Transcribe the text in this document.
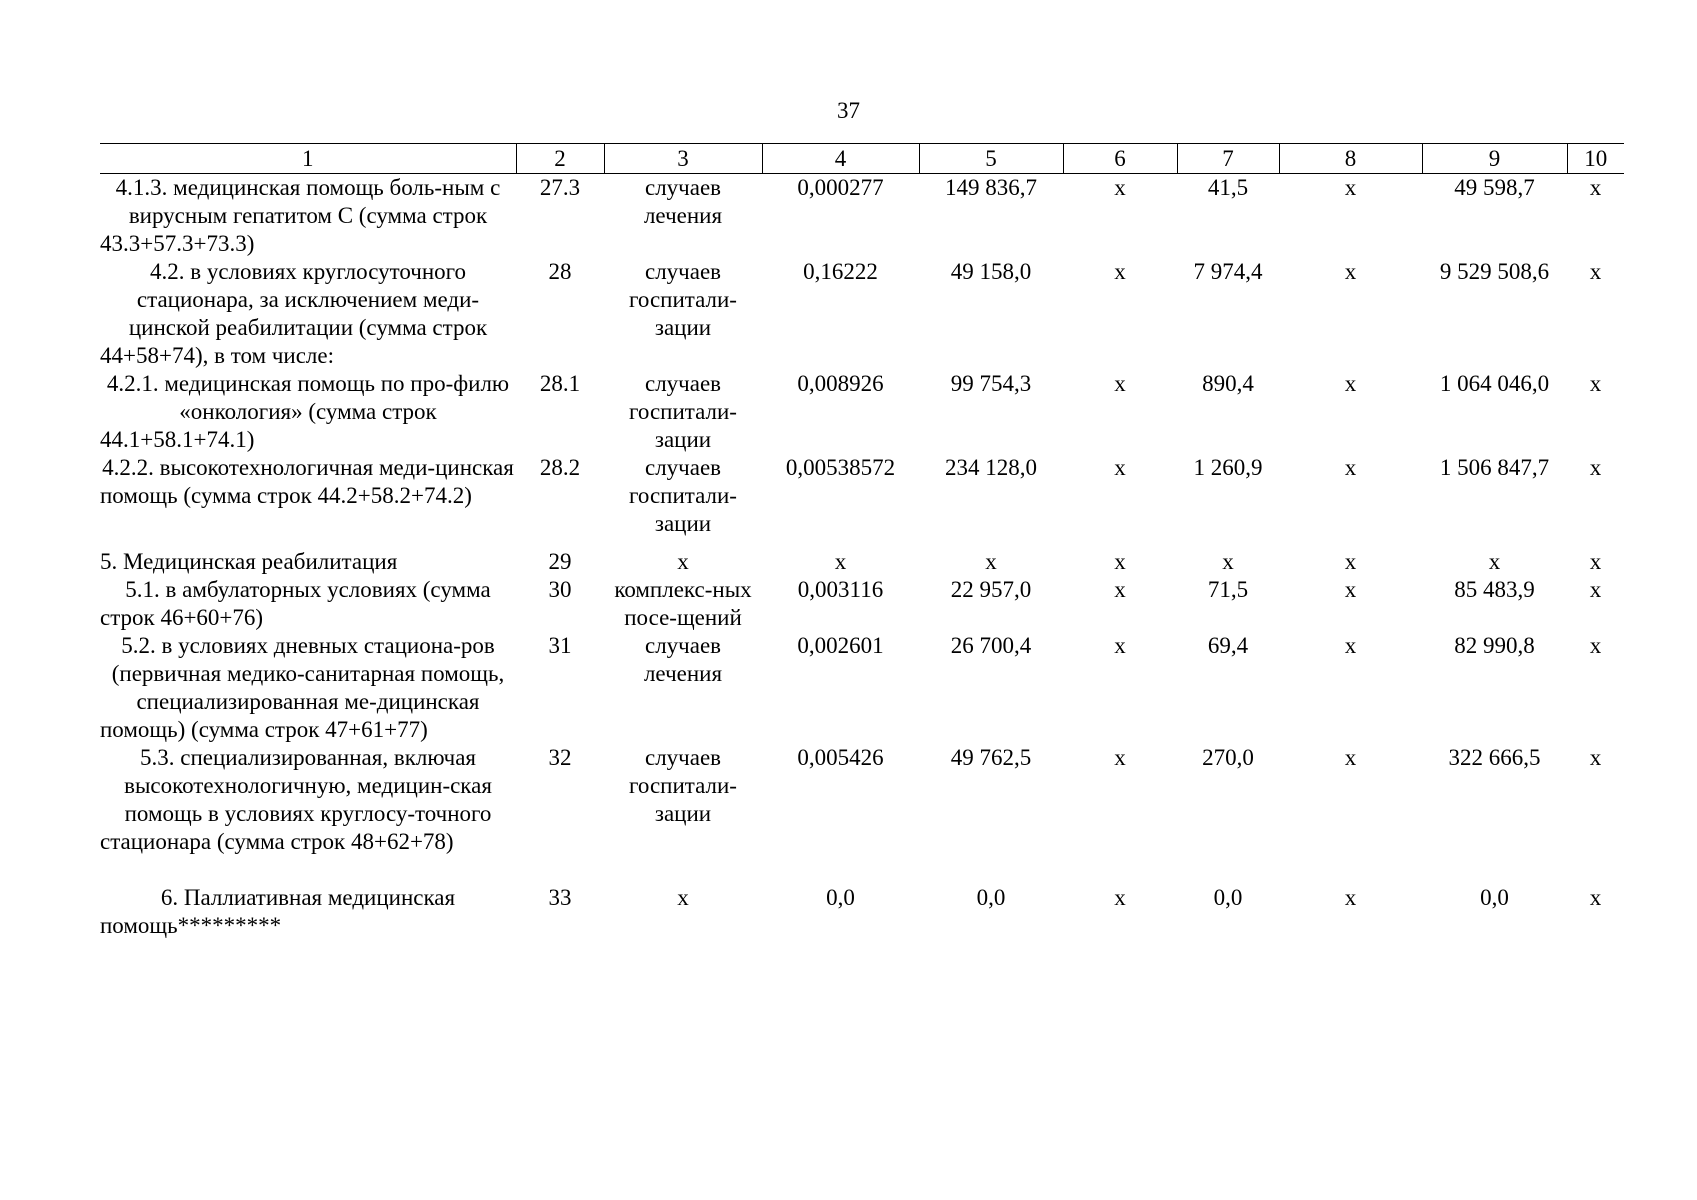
37
1	2	3	4	5	6	7	8	9	10
4.1.3. медицинская помощь боль-ным с вирусным гепатитом С (сумма строк 43.3+57.3+73.3)	27.3	случаев лечения	0,000277	149 836,7	х	41,5	х	49 598,7	х
4.2. в условиях круглосуточного стационара, за исключением меди-цинской реабилитации (сумма строк 44+58+74), в том числе:	28	случаев госпитали-зации	0,16222	49 158,0	х	7 974,4	х	9 529 508,6	х
4.2.1. медицинская помощь по про-филю «онкология» (сумма строк 44.1+58.1+74.1)	28.1	случаев госпитали-зации	0,008926	99 754,3	х	890,4	х	1 064 046,0	х
4.2.2. высокотехнологичная меди-цинская помощь (сумма строк 44.2+58.2+74.2)	28.2	случаев госпитали-зации	0,00538572	234 128,0	х	1 260,9	х	1 506 847,7	х
5. Медицинская реабилитация	29	х	х	х	х	х	х	х	х
5.1. в амбулаторных условиях (сумма строк 46+60+76)	30	комплекс-ных посе-щений	0,003116	22 957,0	х	71,5	х	85 483,9	х
5.2. в условиях дневных стациона-ров (первичная медико-санитарная помощь, специализированная ме-дицинская помощь) (сумма строк 47+61+77)	31	случаев лечения	0,002601	26 700,4	х	69,4	х	82 990,8	х
5.3. специализированная, включая высокотехнологичную, медицин-ская помощь в условиях круглосу-точного стационара (сумма строк 48+62+78)	32	случаев госпитали-зации	0,005426	49 762,5	х	270,0	х	322 666,5	х
6. Паллиативная медицинская помощь*********	33	х	0,0	0,0	х	0,0	х	0,0	х
